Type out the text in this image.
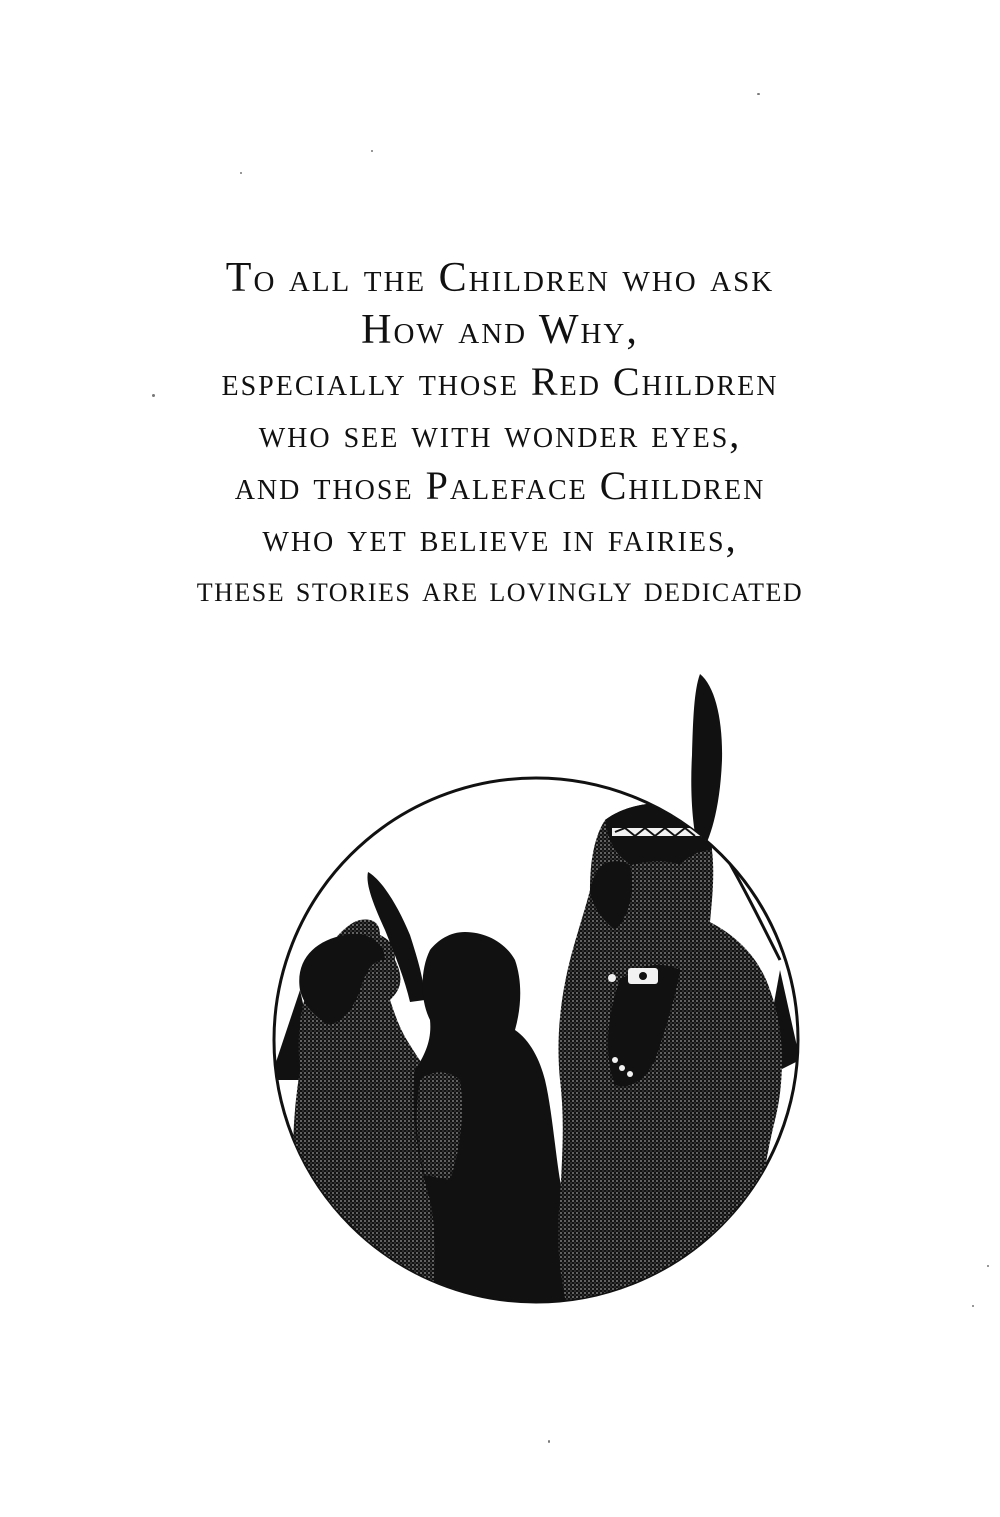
To all the Children who ask
How and Why,
especially those Red Children
who see with wonder eyes,
and those Paleface Children
who yet believe in fairies,
these stories are lovingly dedicated
